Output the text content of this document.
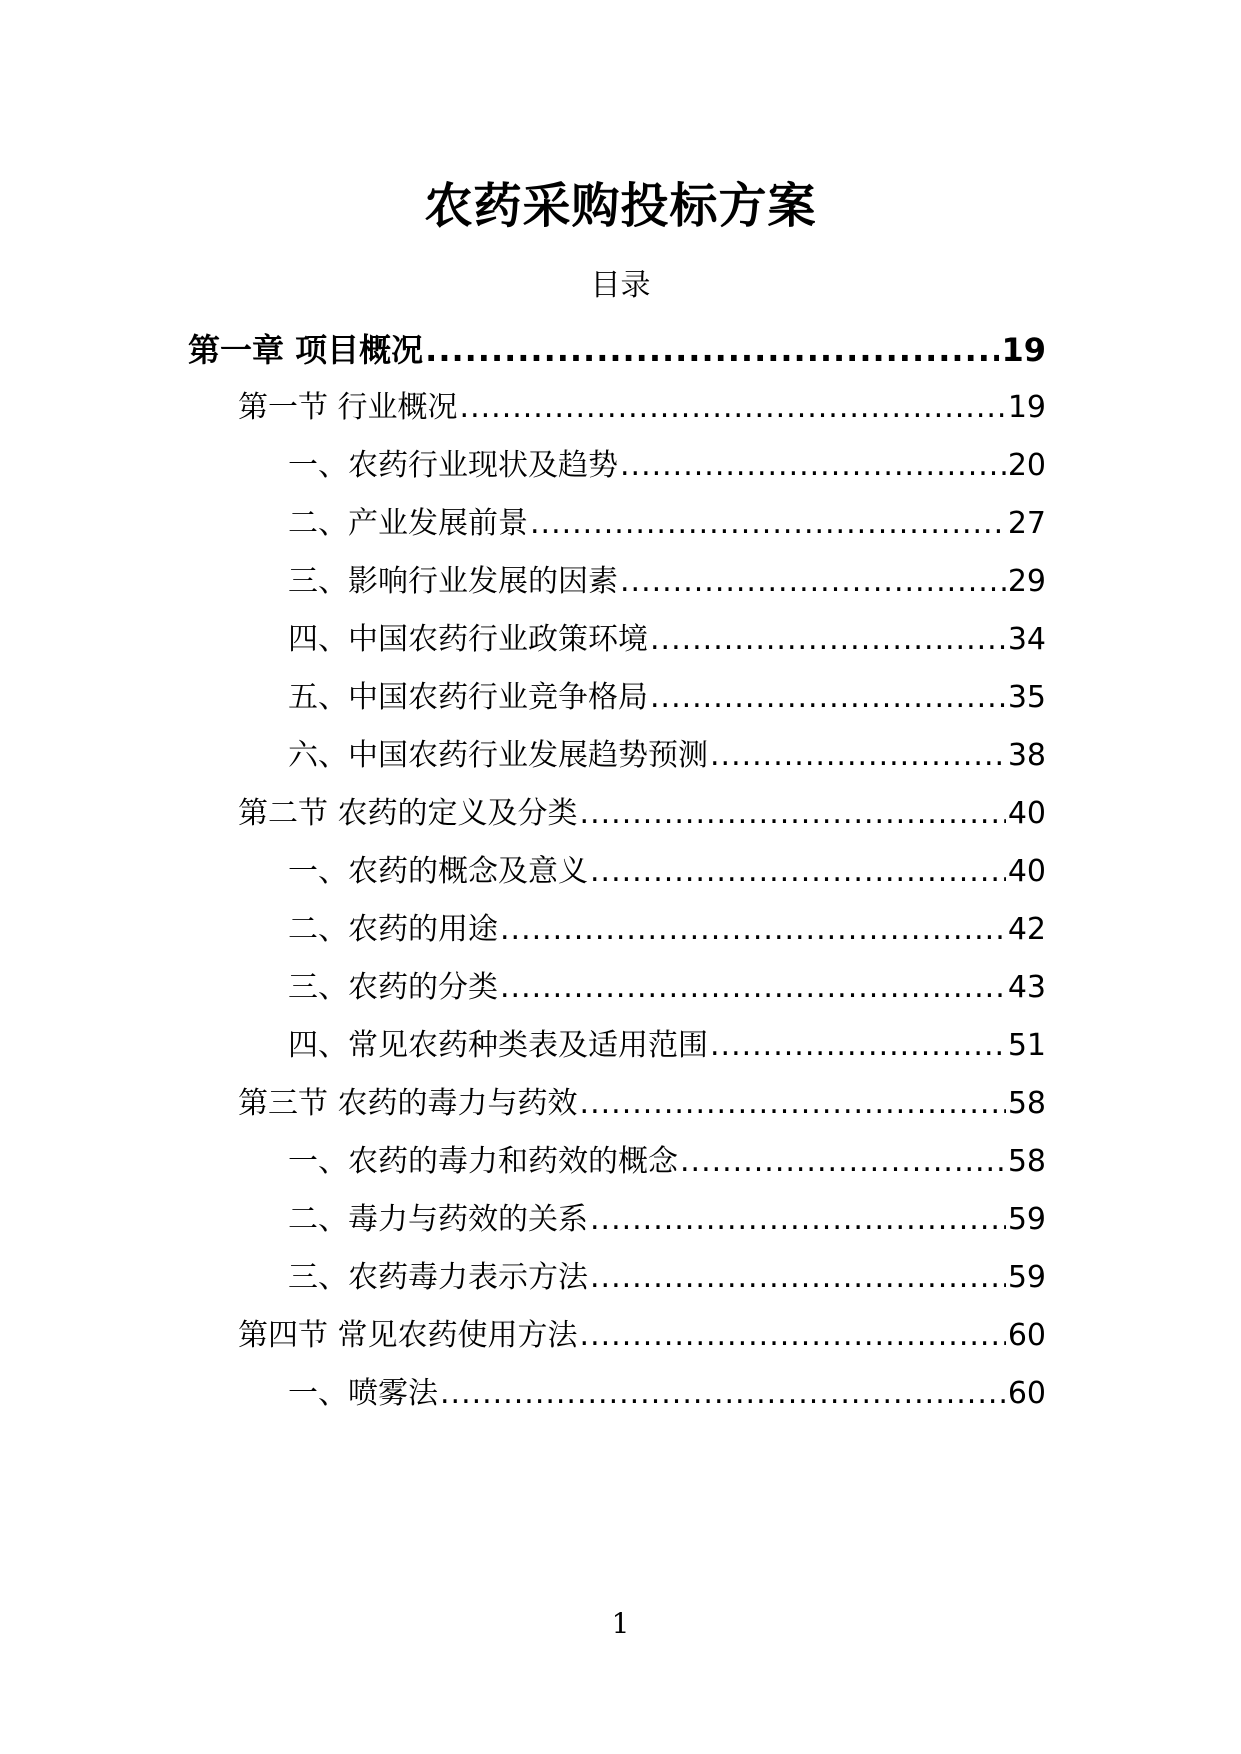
农药采购投标方案
目录
第一章 项目概况 .....	19
第一节 行业概况 .....	19
一、农药行业现状及趋势 .....	20
二、产业发展前景 .....	27
三、影响行业发展的因素 .....	29
四、中国农药行业政策环境 .....	34
五、中国农药行业竞争格局 .....	35
六、中国农药行业发展趋势预测 .....	38
第二节 农药的定义及分类 .....	40
一、农药的概念及意义 .....	40
二、农药的用途 .....	42
三、农药的分类 .....	43
四、常见农药种类表及适用范围 .....	51
第三节 农药的毒力与药效 .....	58
一、农药的毒力和药效的概念 .....	58
二、毒力与药效的关系 .....	59
三、农药毒力表示方法 .....	59
第四节 常见农药使用方法 .....	60
一、喷雾法 .....	60
1
